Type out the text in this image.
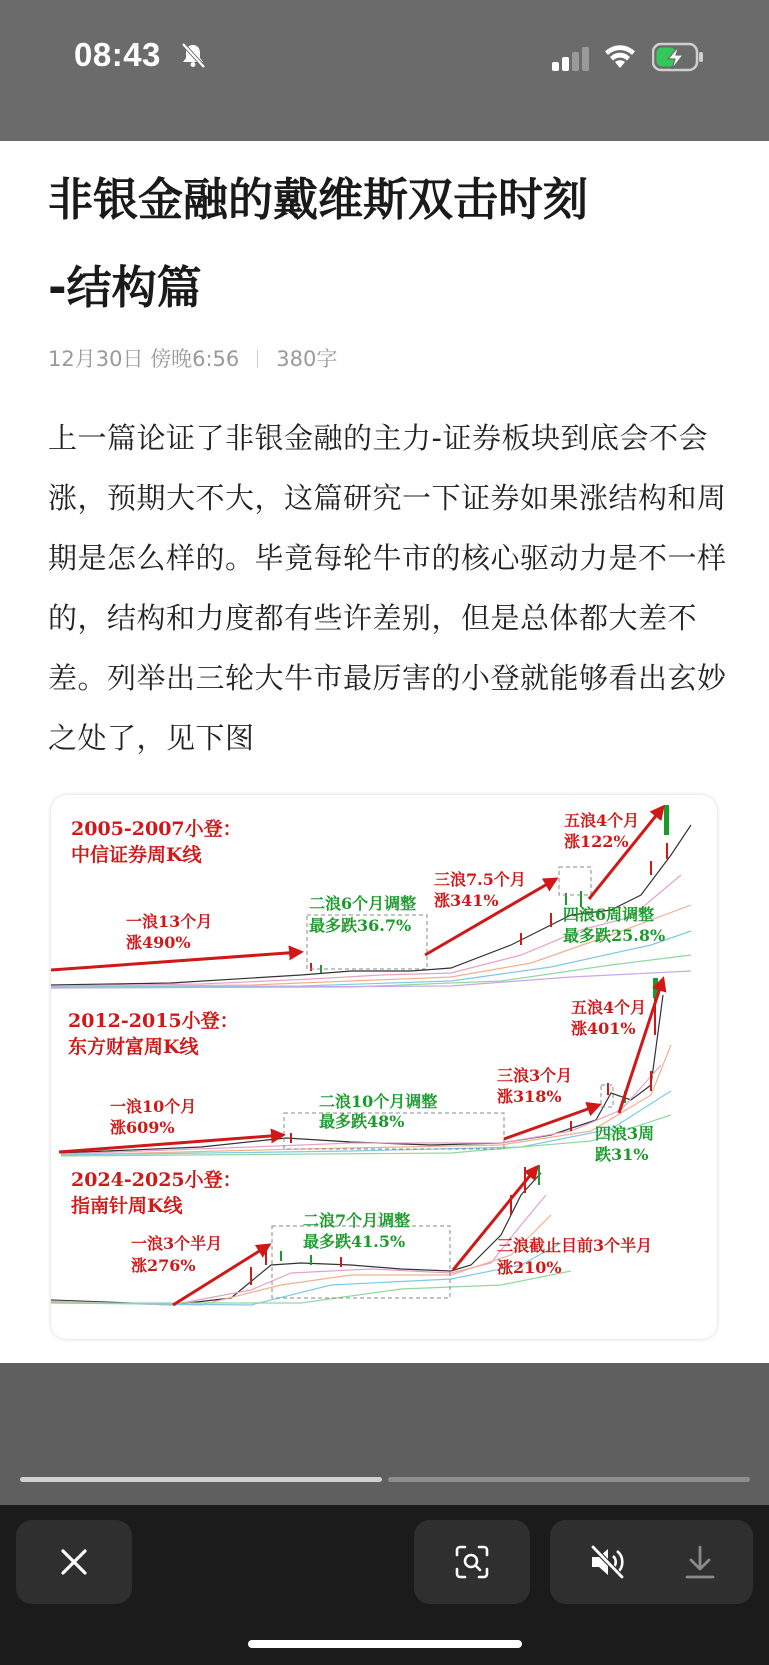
08:43
非银金融的戴维斯双击时刻
-结构篇
12月30日 傍晚6:56 380字

上一篇论证了非银金融的主力-证券板块到底会不会涨，预期大不大，这篇研究一下证券如果涨结构和周期是怎么样的。毕竟每轮牛市的核心驱动力是不一样的，结构和力度都有些许差别，但是总体都大差不差。列举出三轮大牛市最厉害的小登就能够看出玄妙之处了，见下图

2005-2007小登：
中信证券周K线
一浪13个月
涨490%
二浪6个月调整
最多跌36.7%
三浪7.5个月
涨341%
四浪6周调整
最多跌25.8%
五浪4个月
涨122%
2012-2015小登：
东方财富周K线
一浪10个月
涨609%
二浪10个月调整
最多跌48%
三浪3个月
涨318%
四浪3周
跌31%
五浪4个月
涨401%
2024-2025小登：
指南针周K线
一浪3个半月
涨276%
二浪7个月调整
最多跌41.5%	三浪截止目前3个半月
涨210%
